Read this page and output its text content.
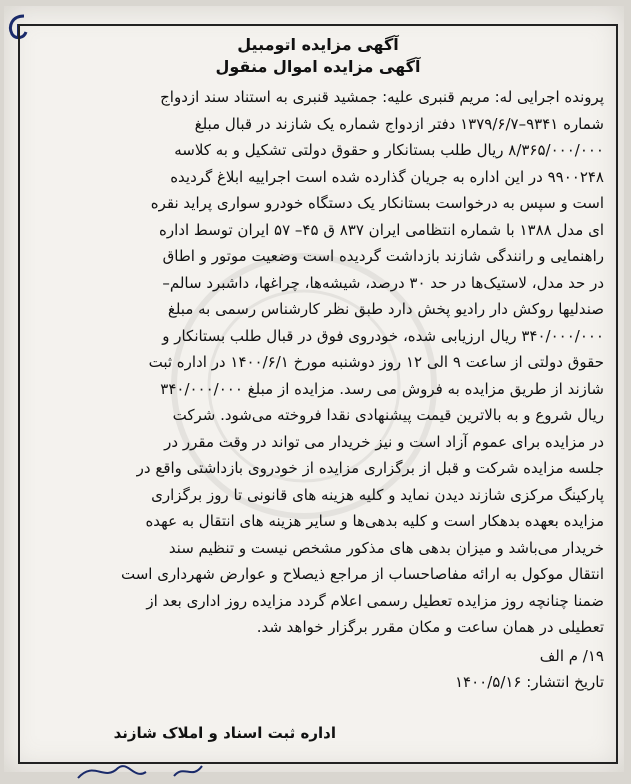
آگهی مزایده اتومبیل

آگهی مزایده اموال منقول

پرونده اجرایی له: مریم قنبری علیه: جمشید قنبری به استناد سند ازدواج
شماره ۹۳۴۱–۱۳۷۹/۶/۷ دفتر ازدواج شماره یک شازند در قبال مبلغ
۸/۳۶۵/۰۰۰/۰۰۰ ریال طلب بستانکار و حقوق دولتی تشکیل و به کلاسه
۹۹۰۰۲۴۸ در این اداره به جریان گذارده شده است اجراییه ابلاغ گردیده
است و سپس به درخواست بستانکار یک دستگاه خودرو سواری پراید نقره
ای مدل ۱۳۸۸ با شماره انتظامی ایران ۸۳۷ ق ۴۵– ۵۷ ایران توسط اداره
راهنمایی و رانندگی شازند بازداشت گردیده است وضعیت موتور و اطاق
در حد مدل، لاستیک‌ها در حد ۳۰ درصد، شیشه‌ها، چراغها، داشبرد سالم–
صندلیها روکش دار رادیو پخش دارد طبق نظر کارشناس رسمی به مبلغ
۳۴۰/۰۰۰/۰۰۰ ریال ارزیابی شده، خودروی فوق در قبال طلب بستانکار و
حقوق دولتی از ساعت ۹ الی ۱۲ روز دوشنبه مورخ ۱۴۰۰/۶/۱ در اداره ثبت
شازند از طریق مزایده به فروش می رسد. مزایده از مبلغ ۳۴۰/۰۰۰/۰۰۰
ریال شروع و به بالاترین قیمت پیشنهادی نقدا فروخته می‌شود. شرکت
در مزایده برای عموم آزاد است و نیز خریدار می تواند در وقت مقرر در
جلسه مزایده شرکت و قبل از برگزاری مزایده از خودروی بازداشتی واقع در
پارکینگ مرکزی شازند دیدن نماید و کلیه هزینه های قانونی تا روز برگزاری
مزایده بعهده بدهکار است و کلیه بدهی‌ها و سایر هزینه های انتقال به عهده
خریدار می‌باشد و میزان بدهی های مذکور مشخص نیست و تنظیم سند
انتقال موکول به ارائه مفاصاحساب از مراجع ذیصلاح و عوارض شهرداری است
ضمنا چنانچه روز مزایده تعطیل رسمی اعلام گردد مزایده روز اداری بعد از
تعطیلی در همان ساعت و مکان مقرر برگزار خواهد شد.

۱۹/ م الف

تاریخ انتشار: ۱۴۰۰/۵/۱۶

اداره ثبت اسناد و املاک شازند
